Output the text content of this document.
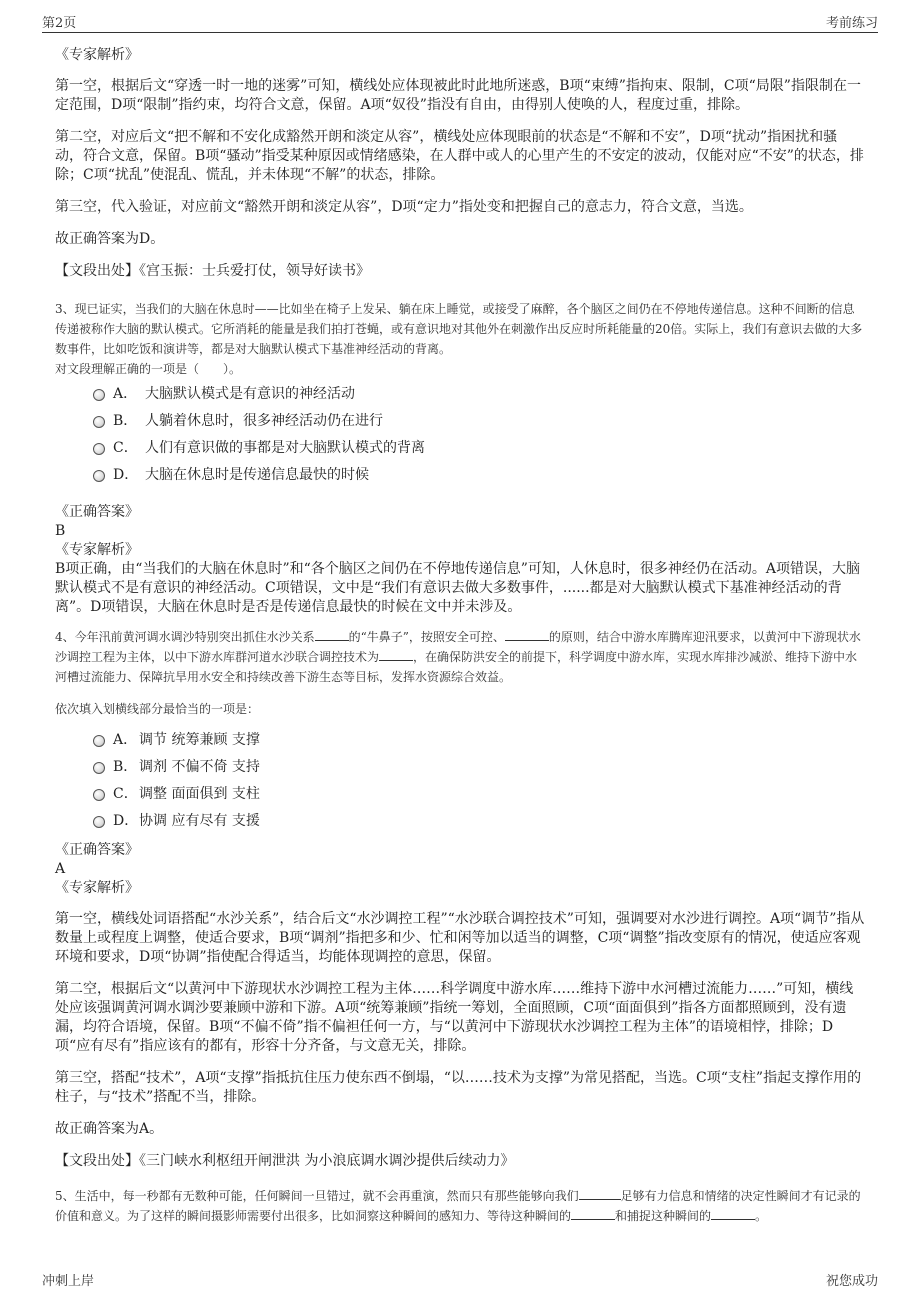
第2页	考前练习

《专家解析》

第一空，根据后文“穿透一时一地的迷雾”可知，横线处应体现被此时此地所迷惑，B项“束缚”指拘束、限制，C项“局限”指限制在一定范围，D项“限制”指约束，均符合文意，保留。A项“奴役”指没有自由，由得别人使唤的人，程度过重，排除。

第二空，对应后文“把不解和不安化成豁然开朗和淡定从容”，横线处应体现眼前的状态是“不解和不安”，D项“扰动”指困扰和骚动，符合文意，保留。B项“骚动”指受某种原因或情绪感染，在人群中或人的心里产生的不安定的波动，仅能对应“不安”的状态，排除；C项“扰乱”使混乱、慌乱，并未体现“不解”的状态，排除。

第三空，代入验证，对应前文“豁然开朗和淡定从容”，D项“定力”指处变和把握自己的意志力，符合文意，当选。

故正确答案为D。

【文段出处】《宫玉振：士兵爱打仗，领导好读书》

3、现已证实，当我们的大脑在休息时——比如坐在椅子上发呆、躺在床上睡觉，或接受了麻醉，各个脑区之间仍在不停地传递信息。这种不间断的信息传递被称作大脑的默认模式。它所消耗的能量是我们拍打苍蝇，或有意识地对其他外在刺激作出反应时所耗能量的20倍。实际上，我们有意识去做的大多数事件，比如吃饭和演讲等，都是对大脑默认模式下基准神经活动的背离。

对文段理解正确的一项是（　　）。

A． 大脑默认模式是有意识的神经活动
B． 人躺着休息时，很多神经活动仍在进行
C． 人们有意识做的事都是对大脑默认模式的背离
D． 大脑在休息时是传递信息最快的时候

《正确答案》

B

《专家解析》

B项正确，由“当我们的大脑在休息时”和“各个脑区之间仍在不停地传递信息”可知，人休息时，很多神经仍在活动。A项错误，大脑默认模式不是有意识的神经活动。C项错误，文中是“我们有意识去做大多数事件，......都是对大脑默认模式下基准神经活动的背离”。D项错误，大脑在休息时是否是传递信息最快的时候在文中并未涉及。

4、今年汛前黄河调水调沙特别突出抓住水沙关系	的“牛鼻子”，按照安全可控、	的原则，结合中游水库腾库迎汛要求，以黄河中下游现状水沙调控工程为主体，以中下游水库群河道水沙联合调控技术为	，在确保防洪安全的前提下，科学调度中游水库，实现水库排沙减淤、维持下游中水河槽过流能力、保障抗旱用水安全和持续改善下游生态等目标，发挥水资源综合效益。

依次填入划横线部分最恰当的一项是：

A． 调节 统筹兼顾 支撑
B． 调剂 不偏不倚 支持
C． 调整 面面俱到 支柱
D． 协调 应有尽有 支援

《正确答案》

A

《专家解析》

第一空，横线处词语搭配“水沙关系”，结合后文“水沙调控工程”“水沙联合调控技术”可知，强调要对水沙进行调控。A项“调节”指从数量上或程度上调整，使适合要求，B项“调剂”指把多和少、忙和闲等加以适当的调整，C项“调整”指改变原有的情况，使适应客观环境和要求，D项“协调”指使配合得适当，均能体现调控的意思，保留。

第二空，根据后文“以黄河中下游现状水沙调控工程为主体……科学调度中游水库……维持下游中水河槽过流能力……”可知，横线处应该强调黄河调水调沙要兼顾中游和下游。A项“统筹兼顾”指统一筹划，全面照顾，C项“面面俱到”指各方面都照顾到，没有遗漏，均符合语境，保留。B项“不偏不倚”指不偏袒任何一方，与“以黄河中下游现状水沙调控工程为主体”的语境相悖，排除；D项“应有尽有”指应该有的都有，形容十分齐备，与文意无关，排除。

第三空，搭配“技术”，A项“支撑”指抵抗住压力使东西不倒塌，“以……技术为支撑”为常见搭配，当选。C项“支柱”指起支撑作用的柱子，与“技术”搭配不当，排除。

故正确答案为A。

【文段出处】《三门峡水利枢纽开闸泄洪 为小浪底调水调沙提供后续动力》

5、生活中，每一秒都有无数种可能，任何瞬间一旦错过，就不会再重演，然而只有那些能够向我们	足够有力信息和情绪的决定性瞬间才有记录的价值和意义。为了这样的瞬间摄影师需要付出很多，比如洞察这种瞬间的感知力、等待这种瞬间的	和捕捉这种瞬间的	。

冲刺上岸	祝您成功
